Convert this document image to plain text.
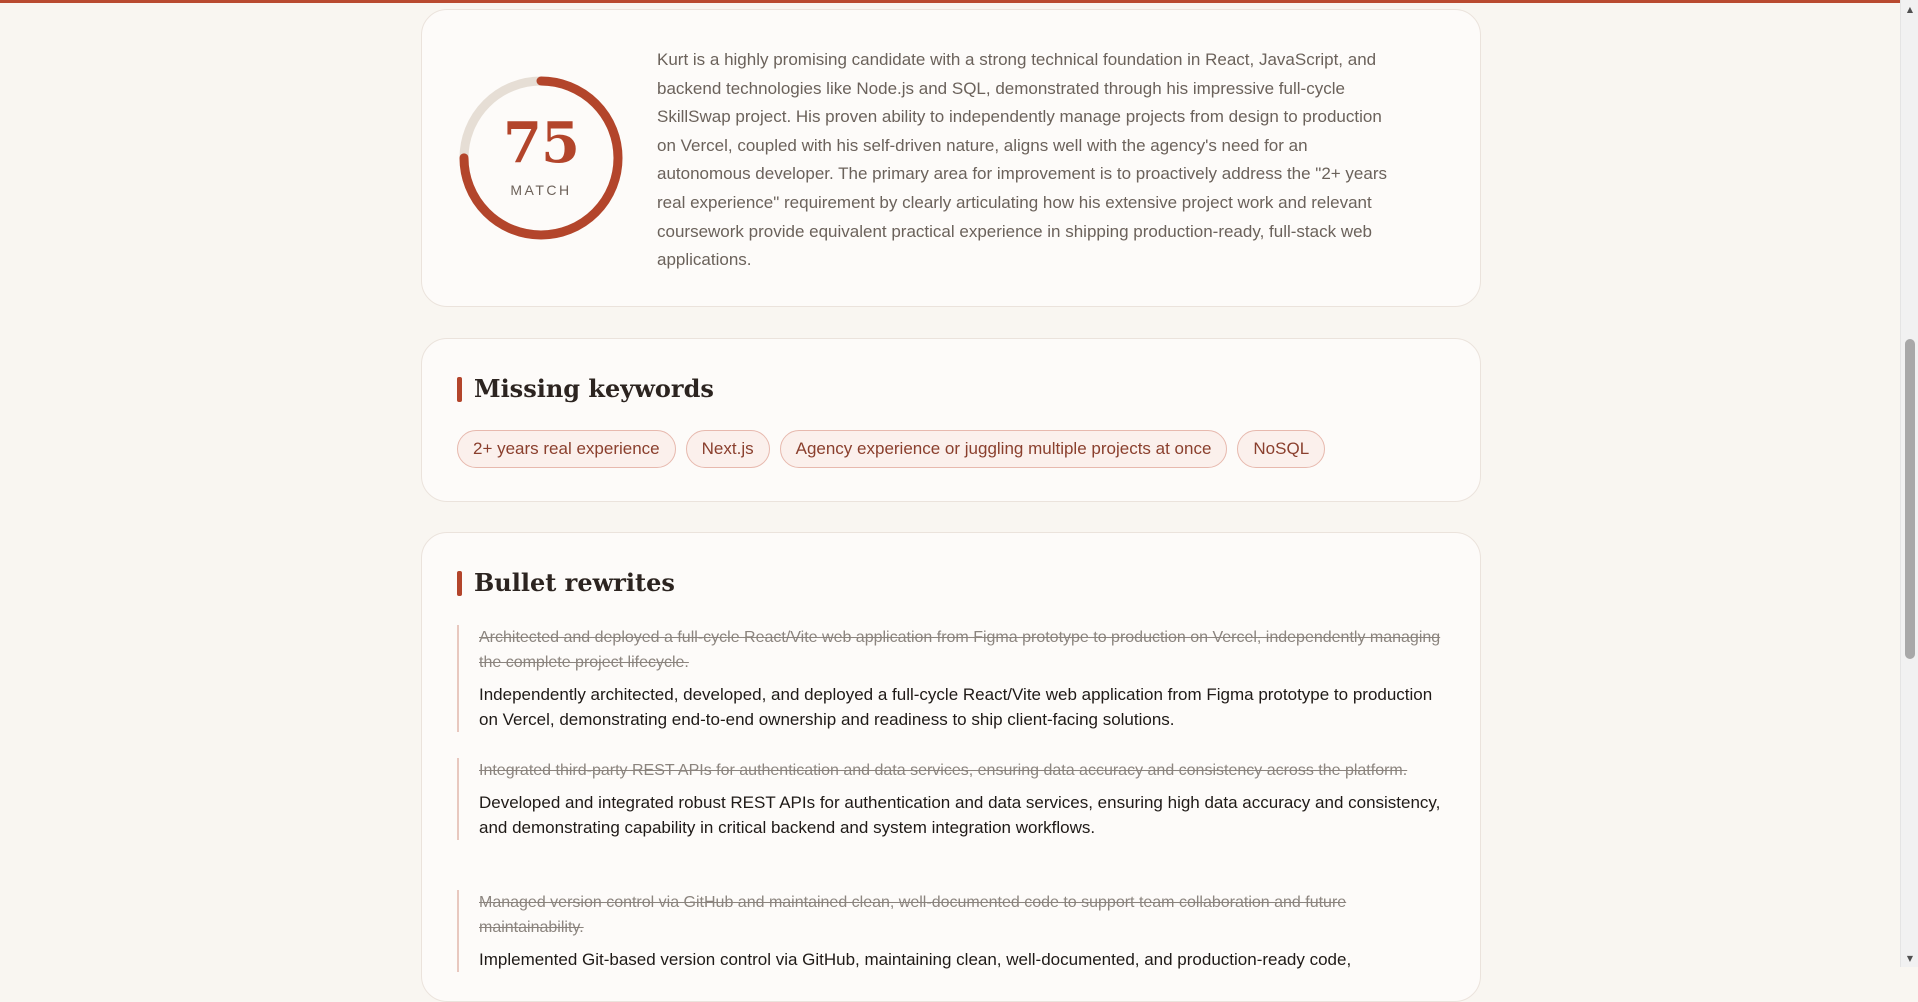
75
MATCH

Kurt is a highly promising candidate with a strong technical foundation in React, JavaScript, and backend technologies like Node.js and SQL, demonstrated through his impressive full-cycle SkillSwap project. His proven ability to independently manage projects from design to production on Vercel, coupled with his self-driven nature, aligns well with the agency's need for an autonomous developer. The primary area for improvement is to proactively address the "2+ years real experience" requirement by clearly articulating how his extensive project work and relevant coursework provide equivalent practical experience in shipping production-ready, full-stack web applications.

Missing keywords
2+ years real experience	Next.js	Agency experience or juggling multiple projects at once	NoSQL
Bullet rewrites

Architected and deployed a full-cycle React/Vite web application from Figma prototype to production on Vercel, independently managing the complete project lifecycle.

Independently architected, developed, and deployed a full-cycle React/Vite web application from Figma prototype to production on Vercel, demonstrating end-to-end ownership and readiness to ship client-facing solutions.

Integrated third-party REST APIs for authentication and data services, ensuring data accuracy and consistency across the platform.

Developed and integrated robust REST APIs for authentication and data services, ensuring high data accuracy and consistency, and demonstrating capability in critical backend and system integration workflows.

Managed version control via GitHub and maintained clean, well-documented code to support team collaboration and future maintainability.

Implemented Git-based version control via GitHub, maintaining clean, well-documented, and production-ready code,

▲
▼
